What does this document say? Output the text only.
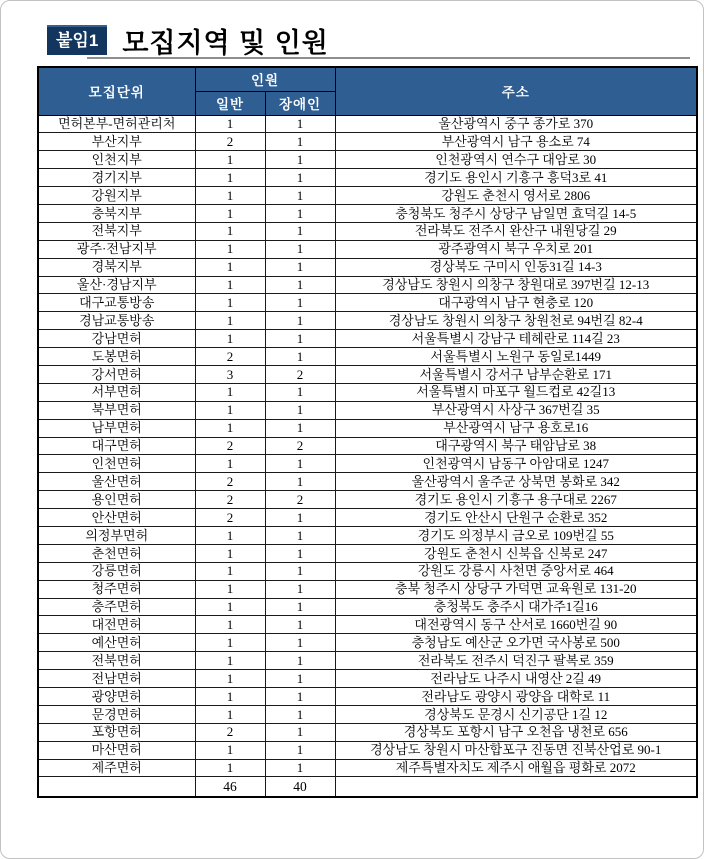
붙임1 모집지역 및 인원
모집단위	인원		주소
	일반	장애인	
면허본부-면허관리처	1	1	울산광역시 중구 종가로 370
부산지부	2	1	부산광역시 남구 용소로 74
인천지부	1	1	인천광역시 연수구 대암로 30
경기지부	1	1	경기도 용인시 기흥구 흥덕3로 41
강원지부	1	1	강원도 춘천시 영서로 2806
충북지부	1	1	충청북도 청주시 상당구 남일면 효덕길 14-5
전북지부	1	1	전라북도 전주시 완산구 내원당길 29
광주·전남지부	1	1	광주광역시 북구 우치로 201
경북지부	1	1	경상북도 구미시 인동31길 14-3
울산·경남지부	1	1	경상남도 창원시 의창구 창원대로 397번길 12-13
대구교통방송	1	1	대구광역시 남구 현충로 120
경남교통방송	1	1	경상남도 창원시 의창구 창원천로 94번길 82-4
강남면허	1	1	서울특별시 강남구 테헤란로 114길 23
도봉면허	2	1	서울특별시 노원구 동일로1449
강서면허	3	2	서울특별시 강서구 남부순환로 171
서부면허	1	1	서울특별시 마포구 월드컵로 42길13
북부면허	1	1	부산광역시 사상구 367번길 35
남부면허	1	1	부산광역시 남구 용호로16
대구면허	2	2	대구광역시 북구 태암남로 38
인천면허	1	1	인천광역시 남동구 아암대로 1247
울산면허	2	1	울산광역시 울주군 상북면 봉화로 342
용인면허	2	2	경기도 용인시 기흥구 용구대로 2267
안산면허	2	1	경기도 안산시 단원구 순환로 352
의정부면허	1	1	경기도 의정부시 금오로 109번길 55
춘천면허	1	1	강원도 춘천시 신북읍 신북로 247
강릉면허	1	1	강원도 강릉시 사천면 중앙서로 464
청주면허	1	1	충북 청주시 상당구 가덕면 교육원로 131-20
충주면허	1	1	충청북도 충주시 대가주1길16
대전면허	1	1	대전광역시 동구 산서로 1660번길 90
예산면허	1	1	충청남도 예산군 오가면 국사봉로 500
전북면허	1	1	전라북도 전주시 덕진구 팔복로 359
전남면허	1	1	전라남도 나주시 내영산 2길 49
광양면허	1	1	전라남도 광양시 광양읍 대학로 11
문경면허	1	1	경상북도 문경시 신기공단 1길 12
포항면허	2	1	경상북도 포항시 남구 오천읍 냉천로 656
마산면허	1	1	경상남도 창원시 마산합포구 진동면 진북산업로 90-1
제주면허	1	1	제주특별자치도 제주시 애월읍 평화로 2072
	46	40	
